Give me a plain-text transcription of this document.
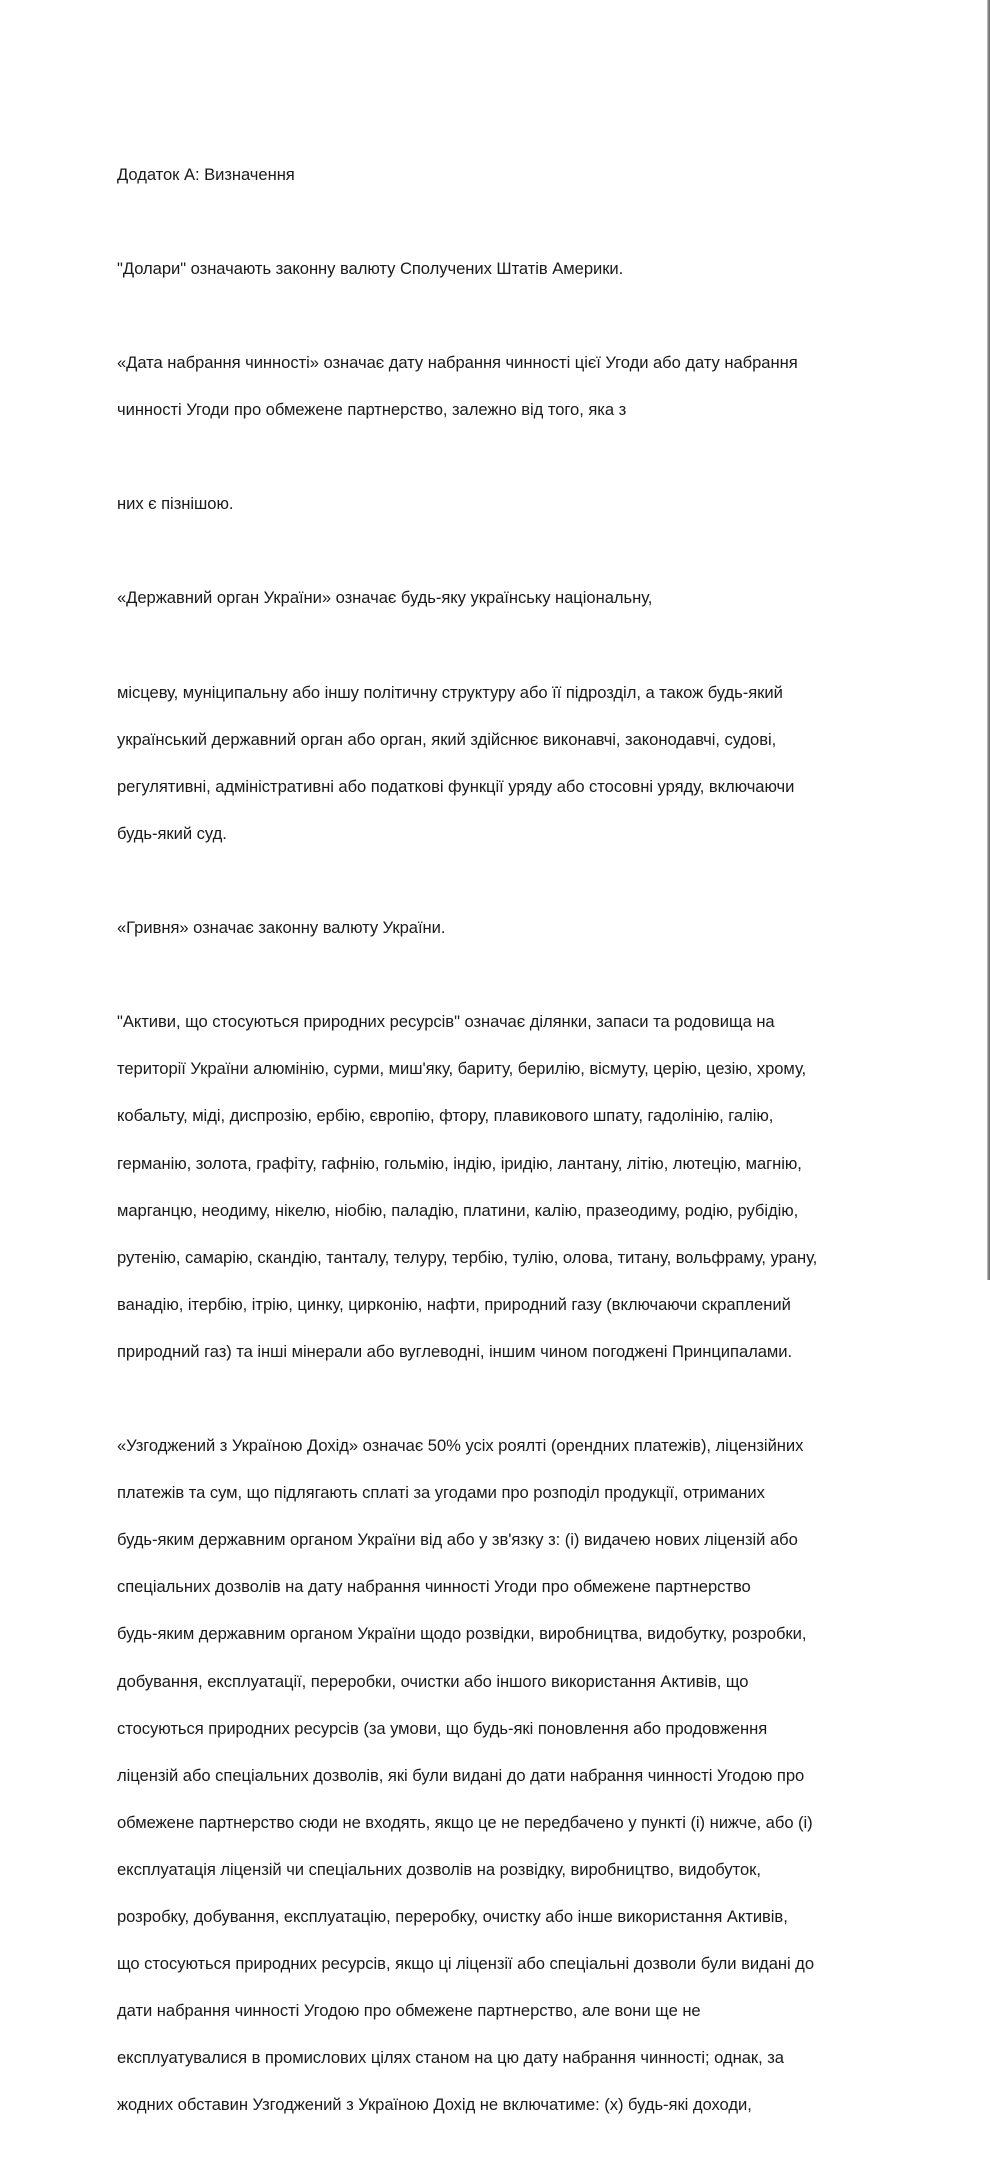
Додаток А: Визначення

"Долари" означають законну валюту Сполучених Штатів Америки.

«Дата набрання чинності» означає дату набрання чинності цієї Угоди або дату набрання

чинності Угоди про обмежене партнерство, залежно від того, яка з

них є пізнішою.

«Державний орган України» означає будь-яку українську національну,

місцеву, муніципальну або іншу політичну структуру або її підрозділ, а також будь-який

український державний орган або орган, який здійснює виконавчі, законодавчі, судові,

регулятивні, адміністративні або податкові функції уряду або стосовні уряду, включаючи

будь-який суд.

«Гривня» означає законну валюту України.

"Активи, що стосуються природних ресурсів" означає ділянки, запаси та родовища на

території України алюмінію, сурми, миш'яку, бариту, берилію, вісмуту, церію, цезію, хрому,

кобальту, міді, диспрозію, ербію, європію, фтору, плавикового шпату, гадолінію, галію,

германію, золота, графіту, гафнію, гольмію, індію, іридію, лантану, літію, лютецію, магнію,

марганцю, неодиму, нікелю, ніобію, паладію, платини, калію, празеодиму, родію, рубідію,

рутенію, самарію, скандію, танталу, телуру, тербію, тулію, олова, титану, вольфраму, урану,

ванадію, ітербію, ітрію, цинку, цирконію, нафти, природний газу (включаючи скраплений

природний газ) та інші мінерали або вуглеводні, іншим чином погоджені Принципалами.

«Узгоджений з Україною Дохід» означає 50% усіх роялті (орендних платежів), ліцензійних

платежів та сум, що підлягають сплаті за угодами про розподіл продукції, отриманих

будь-яким державним органом України від або у зв'язку з: (і) видачею нових ліцензій або

спеціальних дозволів на дату набрання чинності Угоди про обмежене партнерство

будь-яким державним органом України щодо розвідки, виробництва, видобутку, розробки,

добування, експлуатації, переробки, очистки або іншого використання Активів, що

стосуються природних ресурсів (за умови, що будь-які поновлення або продовження

ліцензій або спеціальних дозволів, які були видані до дати набрання чинності Угодою про

обмежене партнерство сюди не входять, якщо це не передбачено у пункті (і) нижче, або (і)

експлуатація ліцензій чи спеціальних дозволів на розвідку, виробництво, видобуток,

розробку, добування, експлуатацію, переробку, очистку або інше використання Активів,

що стосуються природних ресурсів, якщо ці ліцензії або спеціальні дозволи були видані до

дати набрання чинності Угодою про обмежене партнерство, але вони ще не

експлуатувалися в промислових цілях станом на цю дату набрання чинності; однак, за

жодних обставин Узгоджений з Україною Дохід не включатиме: (х) будь-які доходи,
